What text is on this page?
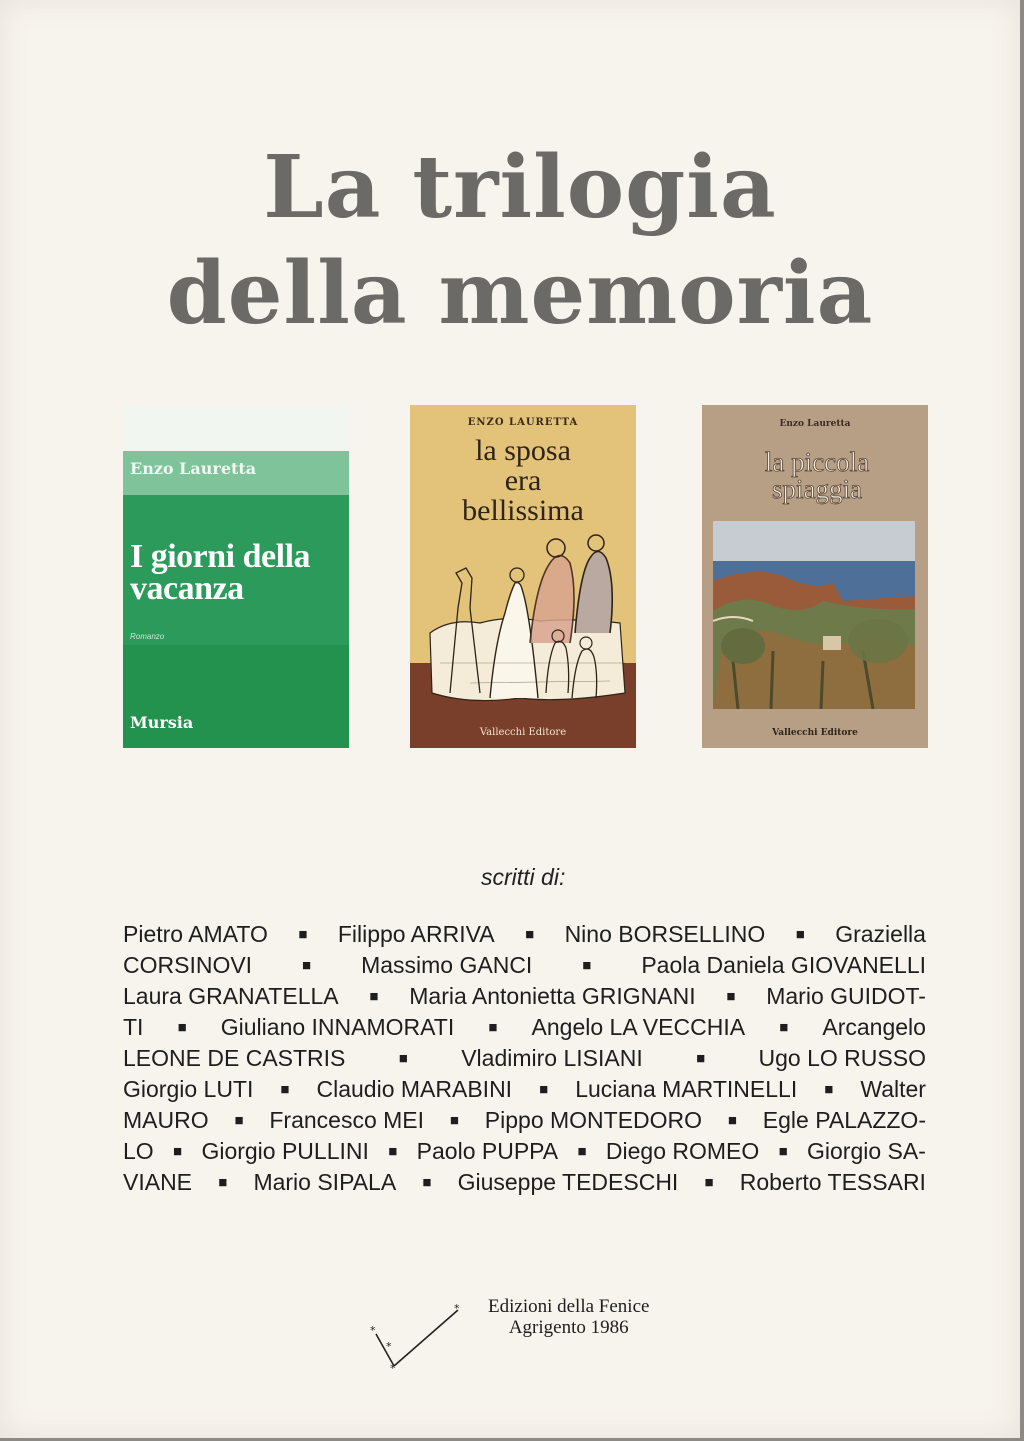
La trilogia
della memoria
Enzo Lauretta
I giorni della vacanza
Romanzo
Mursia
ENZO LAURETTA
la sposa
era
bellissima
Vallecchi Editore
Enzo Lauretta
la piccola
spiaggia
Vallecchi Editore
scritti di:
Pietro AMATO ■ Filippo ARRIVA ■ Nino BORSELLINO ■ Graziella
CORSINOVI	■ Massimo GANCI	■ Paola Daniela GIOVANELLI
Laura GRANATELLA ■ Maria Antonietta GRIGNANI ■ Mario GUIDOT-
TI ■ Giuliano INNAMORATI ■ Angelo LA VECCHIA ■ Arcangelo
LEONE DE CASTRIS	■ Vladimiro LISIANI	■ Ugo LO RUSSO
Giorgio LUTI ■ Claudio MARABINI ■ Luciana MARTINELLI ■ Walter
MAURO ■ Francesco MEI ■ Pippo MONTEDORO ■ Egle PALAZZO-
LO ■ Giorgio PULLINI ■ Paolo PUPPA ■ Diego ROMEO ■ Giorgio SA-
VIANE ■ Mario SIPALA ■ Giuseppe TEDESCHI ■ Roberto TESSARI
*
*
*
* Edizioni della Fenice
Agrigento 1986
